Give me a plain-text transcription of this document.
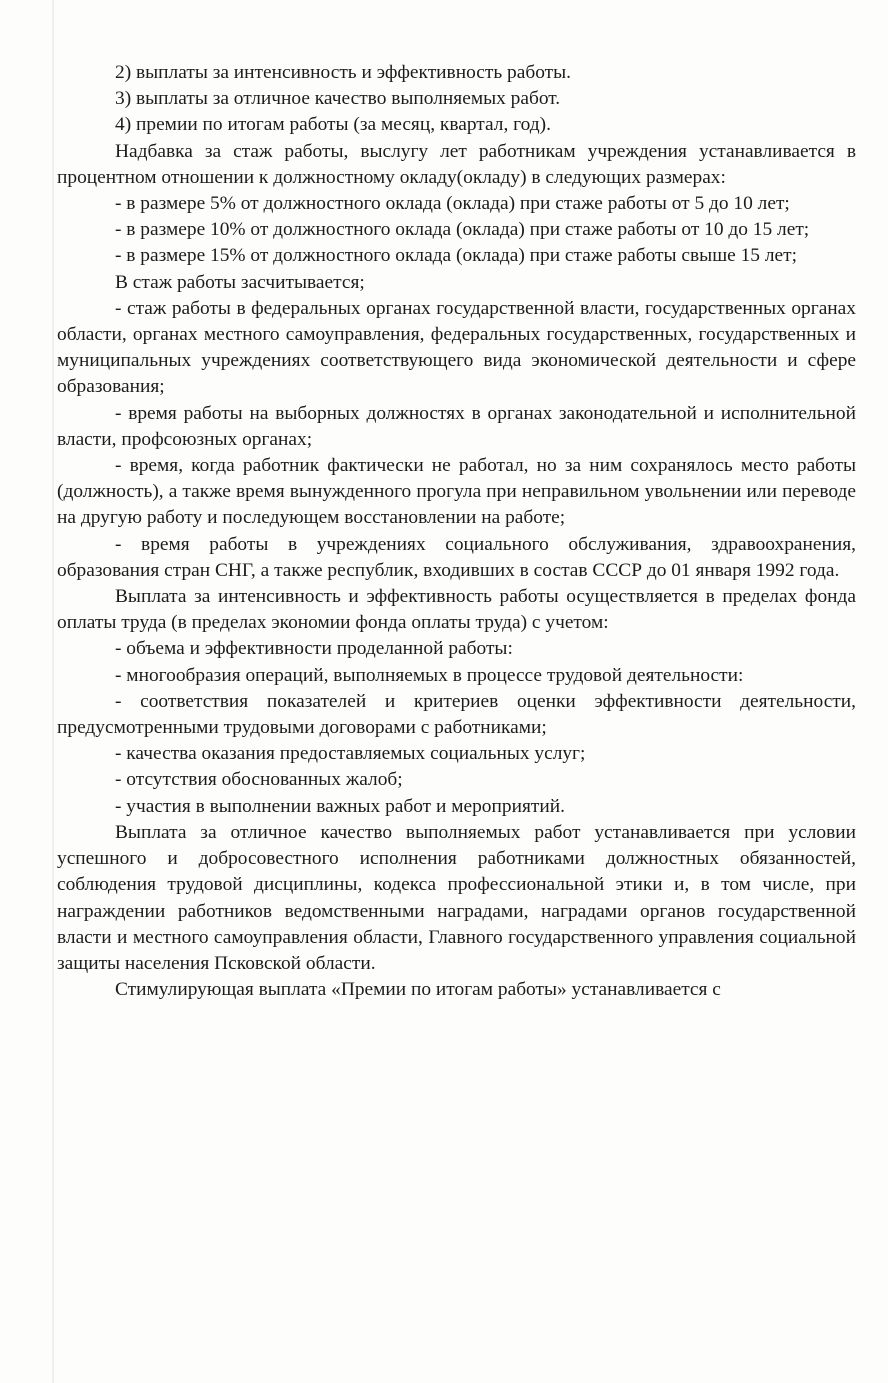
2) выплаты за интенсивность и эффективность работы.

3) выплаты за отличное качество выполняемых работ.

4) премии по итогам работы (за месяц, квартал, год).

Надбавка за стаж работы, выслугу лет работникам учреждения устанавливается в процентном отношении к должностному окладу(окладу) в следующих размерах:

- в размере 5% от должностного оклада (оклада) при стаже работы от 5 до 10 лет;

- в размере 10% от должностного оклада (оклада) при стаже работы от 10 до 15 лет;

- в размере 15% от должностного оклада (оклада) при стаже работы свыше 15 лет;

В стаж работы засчитывается;

- стаж работы в федеральных органах государственной власти, государственных органах области, органах местного самоуправления, федеральных государственных, государственных и муниципальных учреждениях соответствующего вида экономической деятельности и сфере образования;

- время работы на выборных должностях в органах законодательной и исполнительной власти, профсоюзных органах;

- время, когда работник фактически не работал, но за ним сохранялось место работы (должность), а также время вынужденного прогула при неправильном увольнении или переводе на другую работу и последующем восстановлении на работе;

- время работы в учреждениях социального обслуживания, здравоохранения, образования стран СНГ, а также республик, входивших в состав СССР до 01 января 1992 года.

Выплата за интенсивность и эффективность работы осуществляется в пределах фонда оплаты труда (в пределах экономии фонда оплаты труда) с учетом:

- объема и эффективности проделанной работы:

- многообразия операций, выполняемых в процессе трудовой деятельности:

- соответствия показателей и критериев оценки эффективности деятельности, предусмотренными трудовыми договорами с работниками;

- качества оказания предоставляемых социальных услуг;

- отсутствия обоснованных жалоб;

- участия в выполнении важных работ и мероприятий.

Выплата за отличное качество выполняемых работ устанавливается при условии успешного и добросовестного исполнения работниками должностных обязанностей, соблюдения трудовой дисциплины, кодекса профессиональной этики и, в том числе, при награждении работников ведомственными наградами, наградами органов государственной власти и местного самоуправления области, Главного государственного управления социальной защиты населения Псковской области.

Стимулирующая выплата «Премии по итогам работы» устанавливается с
